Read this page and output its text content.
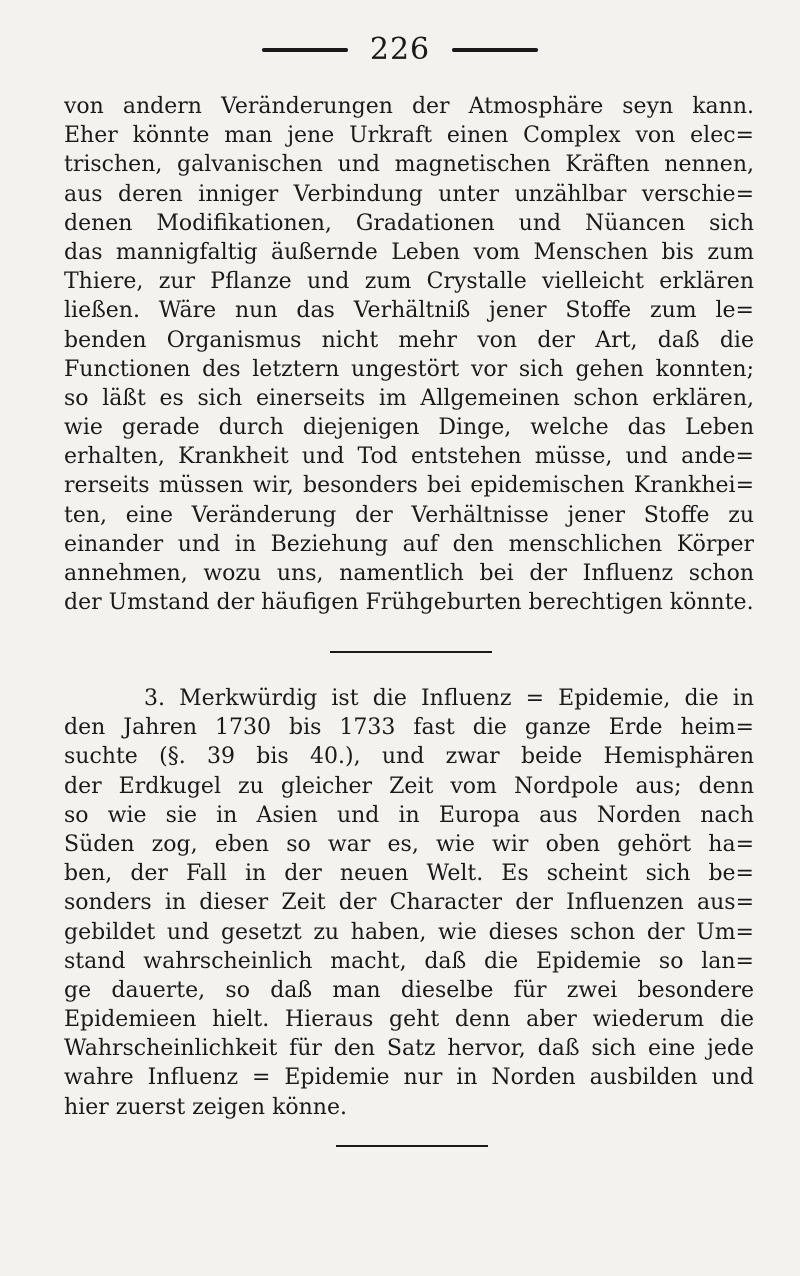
226
von andern Veränderungen der Atmosphäre seyn kann.
Eher könnte man jene Urkraft einen Complex von elec=
trischen, galvanischen und magnetischen Kräften nennen,
aus deren inniger Verbindung unter unzählbar verschie=
denen Modifikationen, Gradationen und Nüancen sich
das mannigfaltig äußernde Leben vom Menschen bis zum
Thiere, zur Pflanze und zum Crystalle vielleicht erklären
ließen. Wäre nun das Verhältniß jener Stoffe zum le=
benden Organismus nicht mehr von der Art, daß die
Functionen des letztern ungestört vor sich gehen konnten;
so läßt es sich einerseits im Allgemeinen schon erklären,
wie gerade durch diejenigen Dinge, welche das Leben
erhalten, Krankheit und Tod entstehen müsse, und ande=
rerseits müssen wir, besonders bei epidemischen Krankhei=
ten, eine Veränderung der Verhältnisse jener Stoffe zu
einander und in Beziehung auf den menschlichen Körper
annehmen, wozu uns, namentlich bei der Influenz schon
der Umstand der häufigen Frühgeburten berechtigen könnte.
3. Merkwürdig ist die Influenz = Epidemie, die in
den Jahren 1730 bis 1733 fast die ganze Erde heim=
suchte (§. 39 bis 40.), und zwar beide Hemisphären
der Erdkugel zu gleicher Zeit vom Nordpole aus; denn
so wie sie in Asien und in Europa aus Norden nach
Süden zog, eben so war es, wie wir oben gehört ha=
ben, der Fall in der neuen Welt. Es scheint sich be=
sonders in dieser Zeit der Character der Influenzen aus=
gebildet und gesetzt zu haben, wie dieses schon der Um=
stand wahrscheinlich macht, daß die Epidemie so lan=
ge dauerte, so daß man dieselbe für zwei besondere
Epidemieen hielt. Hieraus geht denn aber wiederum die
Wahrscheinlichkeit für den Satz hervor, daß sich eine jede
wahre Influenz = Epidemie nur in Norden ausbilden und
hier zuerst zeigen könne.
